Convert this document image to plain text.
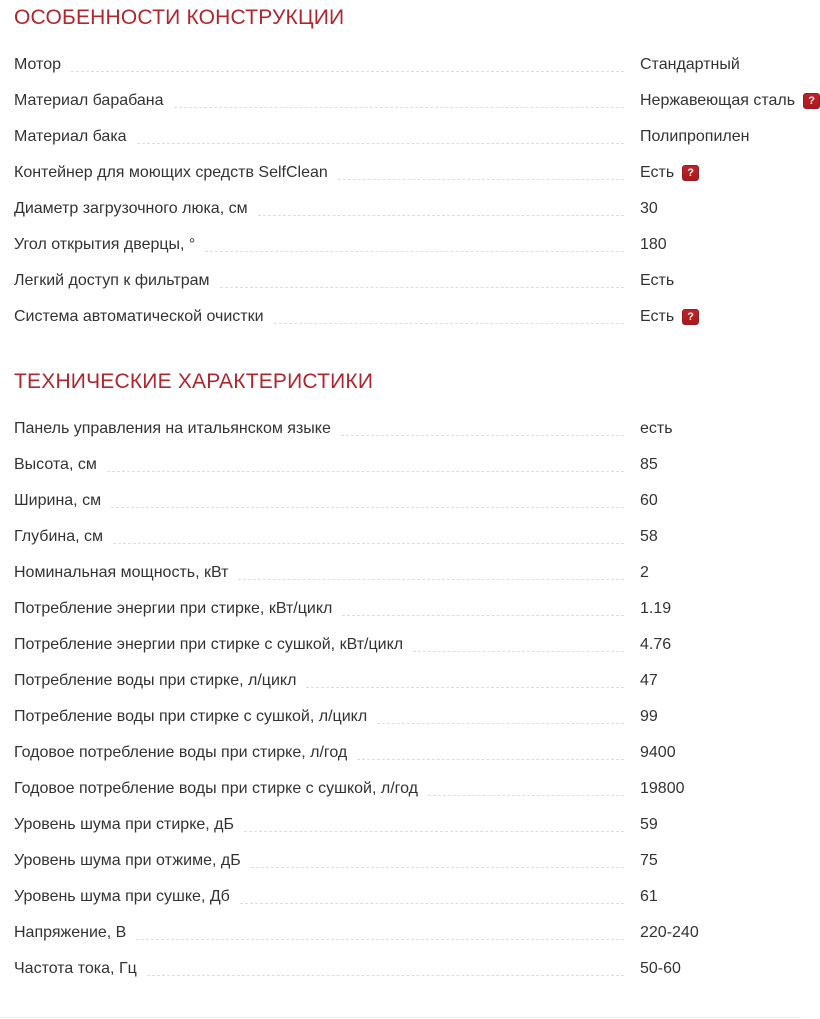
ОСОБЕННОСТИ КОНСТРУКЦИИ
Мотор	Стандартный
Материал барабана	Нержавеющая сталь	?
Материал бака	Полипропилен
Контейнер для моющих средств SelfClean	Есть	?
Диаметр загрузочного люка, см	30
Угол открытия дверцы, °	180
Легкий доступ к фильтрам	Есть
Система автоматической очистки	Есть	?
ТЕХНИЧЕСКИЕ ХАРАКТЕРИСТИКИ
Панель управления на итальянском языке	есть
Высота, см	85
Ширина, см	60
Глубина, см	58
Номинальная мощность, кВт	2
Потребление энергии при стирке, кВт/цикл	1.19
Потребление энергии при стирке с сушкой, кВт/цикл	4.76
Потребление воды при стирке, л/цикл	47
Потребление воды при стирке с сушкой, л/цикл	99
Годовое потребление воды при стирке, л/год	9400
Годовое потребление воды при стирке с сушкой, л/год	19800
Уровень шума при стирке, дБ	59
Уровень шума при отжиме, дБ	75
Уровень шума при сушке, Дб	61
Напряжение, В	220-240
Частота тока, Гц	50-60
